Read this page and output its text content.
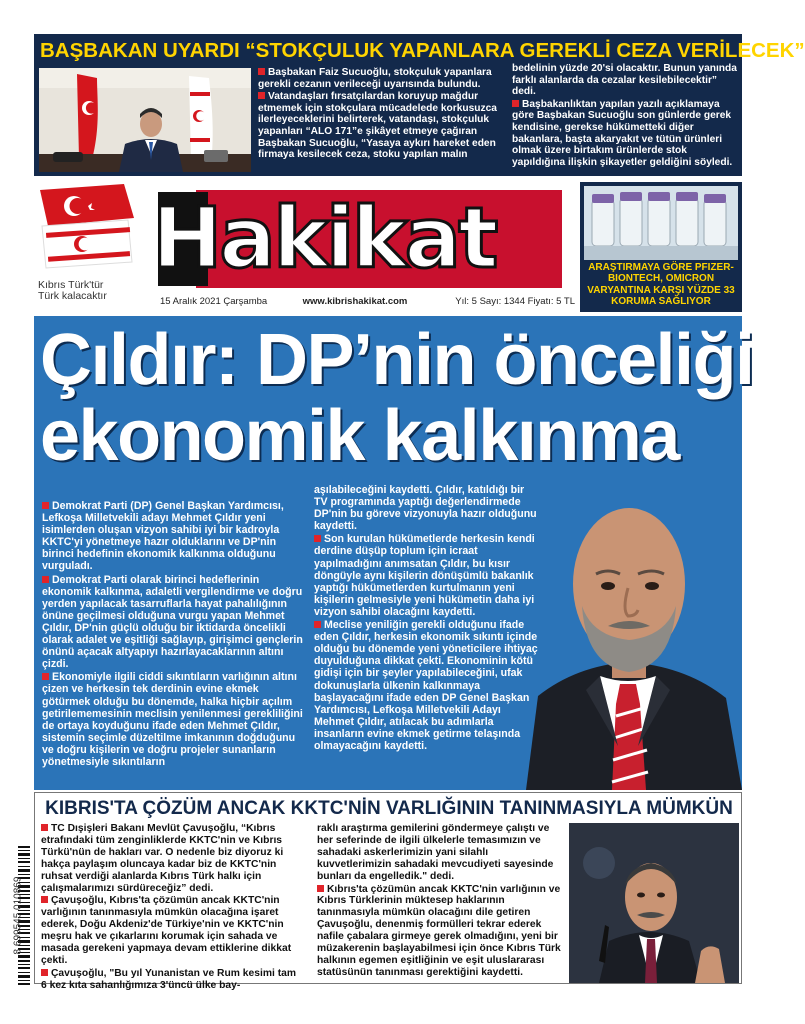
BAŞBAKAN UYARDI “STOKÇULUK YAPANLARA GEREKLİ CEZA VERİLECEK”

Başbakan Faiz Sucuoğlu, stokçuluk yapanlara gerekli cezanın verileceği uyarısında bulundu.

Vatandaşları fırsatçılardan koruyup mağdur etmemek için stokçulara mücadelede korkusuzca ilerleyeceklerini belirterek, vatandaşı, stokçuluk yapanları “ALO 171”e şikâyet etmeye çağıran Başbakan Sucuoğlu, “Yasaya aykırı hareket eden firmaya kesilecek ceza, stoku yapılan malın

bedelinin yüzde 20'si olacaktır. Bunun yanında farklı alanlarda da cezalar kesilebilecektir” dedi.

Başbakanlıktan yapılan yazılı açıklamaya göre Başbakan Sucuoğlu son günlerde gerek kendisine, gerekse hükümetteki diğer bakanlara, başta akaryakıt ve tütün ürünleri olmak üzere birtakım ürünlerde stok yapıldığına ilişkin şikayetler geldiğini söyledi.

Kıbrıs Türk'tür
Türk kalacaktır
Hakikat
15 Aralık 2021 Çarşamba	www.kibrishakikat.com	Yıl: 5 Sayı: 1344 Fiyatı: 5 TL
ARAŞTIRMAYA GÖRE PFIZER-BIONTECH, OMICRON VARYANTINA KARŞI YÜZDE 33 KORUMA SAĞLIYOR
Çıldır: DP’nin önceliği
ekonomik kalkınma

Demokrat Parti (DP) Genel Başkan Yardımcısı, Lefkoşa Milletvekili adayı Mehmet Çıldır yeni isimlerden oluşan vizyon sahibi iyi bir kadroyla KKTC'yi yönetmeye hazır olduklarını ve DP'nin birinci hedefinin ekonomik kalkınma olduğunu vurguladı.

Demokrat Parti olarak birinci hedeflerinin ekonomik kalkınma, adaletli vergilendirme ve doğru yerden yapılacak tasarruflarla hayat pahalılığının önüne geçilmesi olduğuna vurgu yapan Mehmet Çıldır, DP'nin güçlü olduğu bir iktidarda öncelikli olarak adalet ve eşitliği sağlayıp, girişimci gençlerin önünü açacak altyapıyı hazırlayacaklarının altını çizdi.

Ekonomiyle ilgili ciddi sıkıntıların varlığının altını çizen ve herkesin tek derdinin evine ekmek götürmek olduğu bu dönemde, halka hiçbir açılım getirilememesinin meclisin yenilenmesi gerekliliğini de ortaya koyduğunu ifade eden Mehmet Çıldır, sistemin seçimle düzeltilme imkanının doğduğunu ve doğru kişilerin ve doğru projeler sunanların yönetmesiyle sıkıntıların

aşılabileceğini kaydetti. Çıldır, katıldığı bir TV programında yaptığı değerlendirmede DP'nin bu göreve vizyonuyla hazır olduğunu kaydetti.

Son kurulan hükümetlerde herkesin kendi derdine düşüp toplum için icraat yapılmadığını anımsatan Çıldır, bu kısır döngüyle aynı kişilerin dönüşümlü bakanlık yaptığı hükümetlerden kurtulmanın yeni kişilerin gelmesiyle yeni hükümetin daha iyi vizyon sahibi olacağını kaydetti.

Meclise yeniliğin gerekli olduğunu ifade eden Çıldır, herkesin ekonomik sıkıntı içinde olduğu bu dönemde yeni yöneticilere ihtiyaç duyulduğuna dikkat çekti. Ekonominin kötü gidişi için bir şeyler yapılabileceğini, ufak dokunuşlarla ülkenin kalkınmaya başlayacağını ifade eden DP Genel Başkan Yardımcısı, Lefkoşa Milletvekili Adayı Mehmet Çıldır, atılacak bu adımlarla insanların evine ekmek getirme telaşında olmayacağını kaydetti.

KIBRIS'TA ÇÖZÜM ANCAK KKTC'NİN VARLIĞININ TANINMASIYLA MÜMKÜN

TC Dışişleri Bakanı Mevlüt Çavuşoğlu, “Kıbrıs etrafındaki tüm zenginliklerde KKTC'nin ve Kıbrıs Türkü'nün de hakları var. O nedenle biz diyoruz ki hakça paylaşım oluncaya kadar biz de KKTC'nin ruhsat verdiği alanlarda Kıbrıs Türk halkı için çalışmalarımızı sürdüreceğiz” dedi.

Çavuşoğlu, Kıbrıs'ta çözümün ancak KKTC'nin varlığının tanınmasıyla mümkün olacağına işaret ederek, Doğu Akdeniz'de Türkiye'nin ve KKTC'nin meşru hak ve çıkarlarını korumak için sahada ve masada gerekeni yapmaya devam ettiklerine dikkat çekti.

Çavuşoğlu, "Bu yıl Yunanistan ve Rum kesimi tam 6 kez kıta sahanlığımıza 3'üncü ülke bay-

raklı araştırma gemilerini göndermeye çalıştı ve her seferinde de ilgili ülkelerle temasımızın ve sahadaki askerlerimizin yani silahlı kuvvetlerimizin sahadaki mevcudiyeti sayesinde bunları da engelledik." dedi.

Kıbrıs'ta çözümün ancak KKTC'nin varlığının ve Kıbrıs Türklerinin müktesep haklarının tanınmasıyla mümkün olacağını dile getiren Çavuşoğlu, denenmiş formülleri tekrar ederek nafile çabalara girmeye gerek olmadığını, yeni bir müzakerenin başlayabilmesi için önce Kıbrıs Türk halkının egemen eşitliğinin ve eşit uluslararası statüsünün tanınması gerektiğini kaydetti.

8 699545 010869
